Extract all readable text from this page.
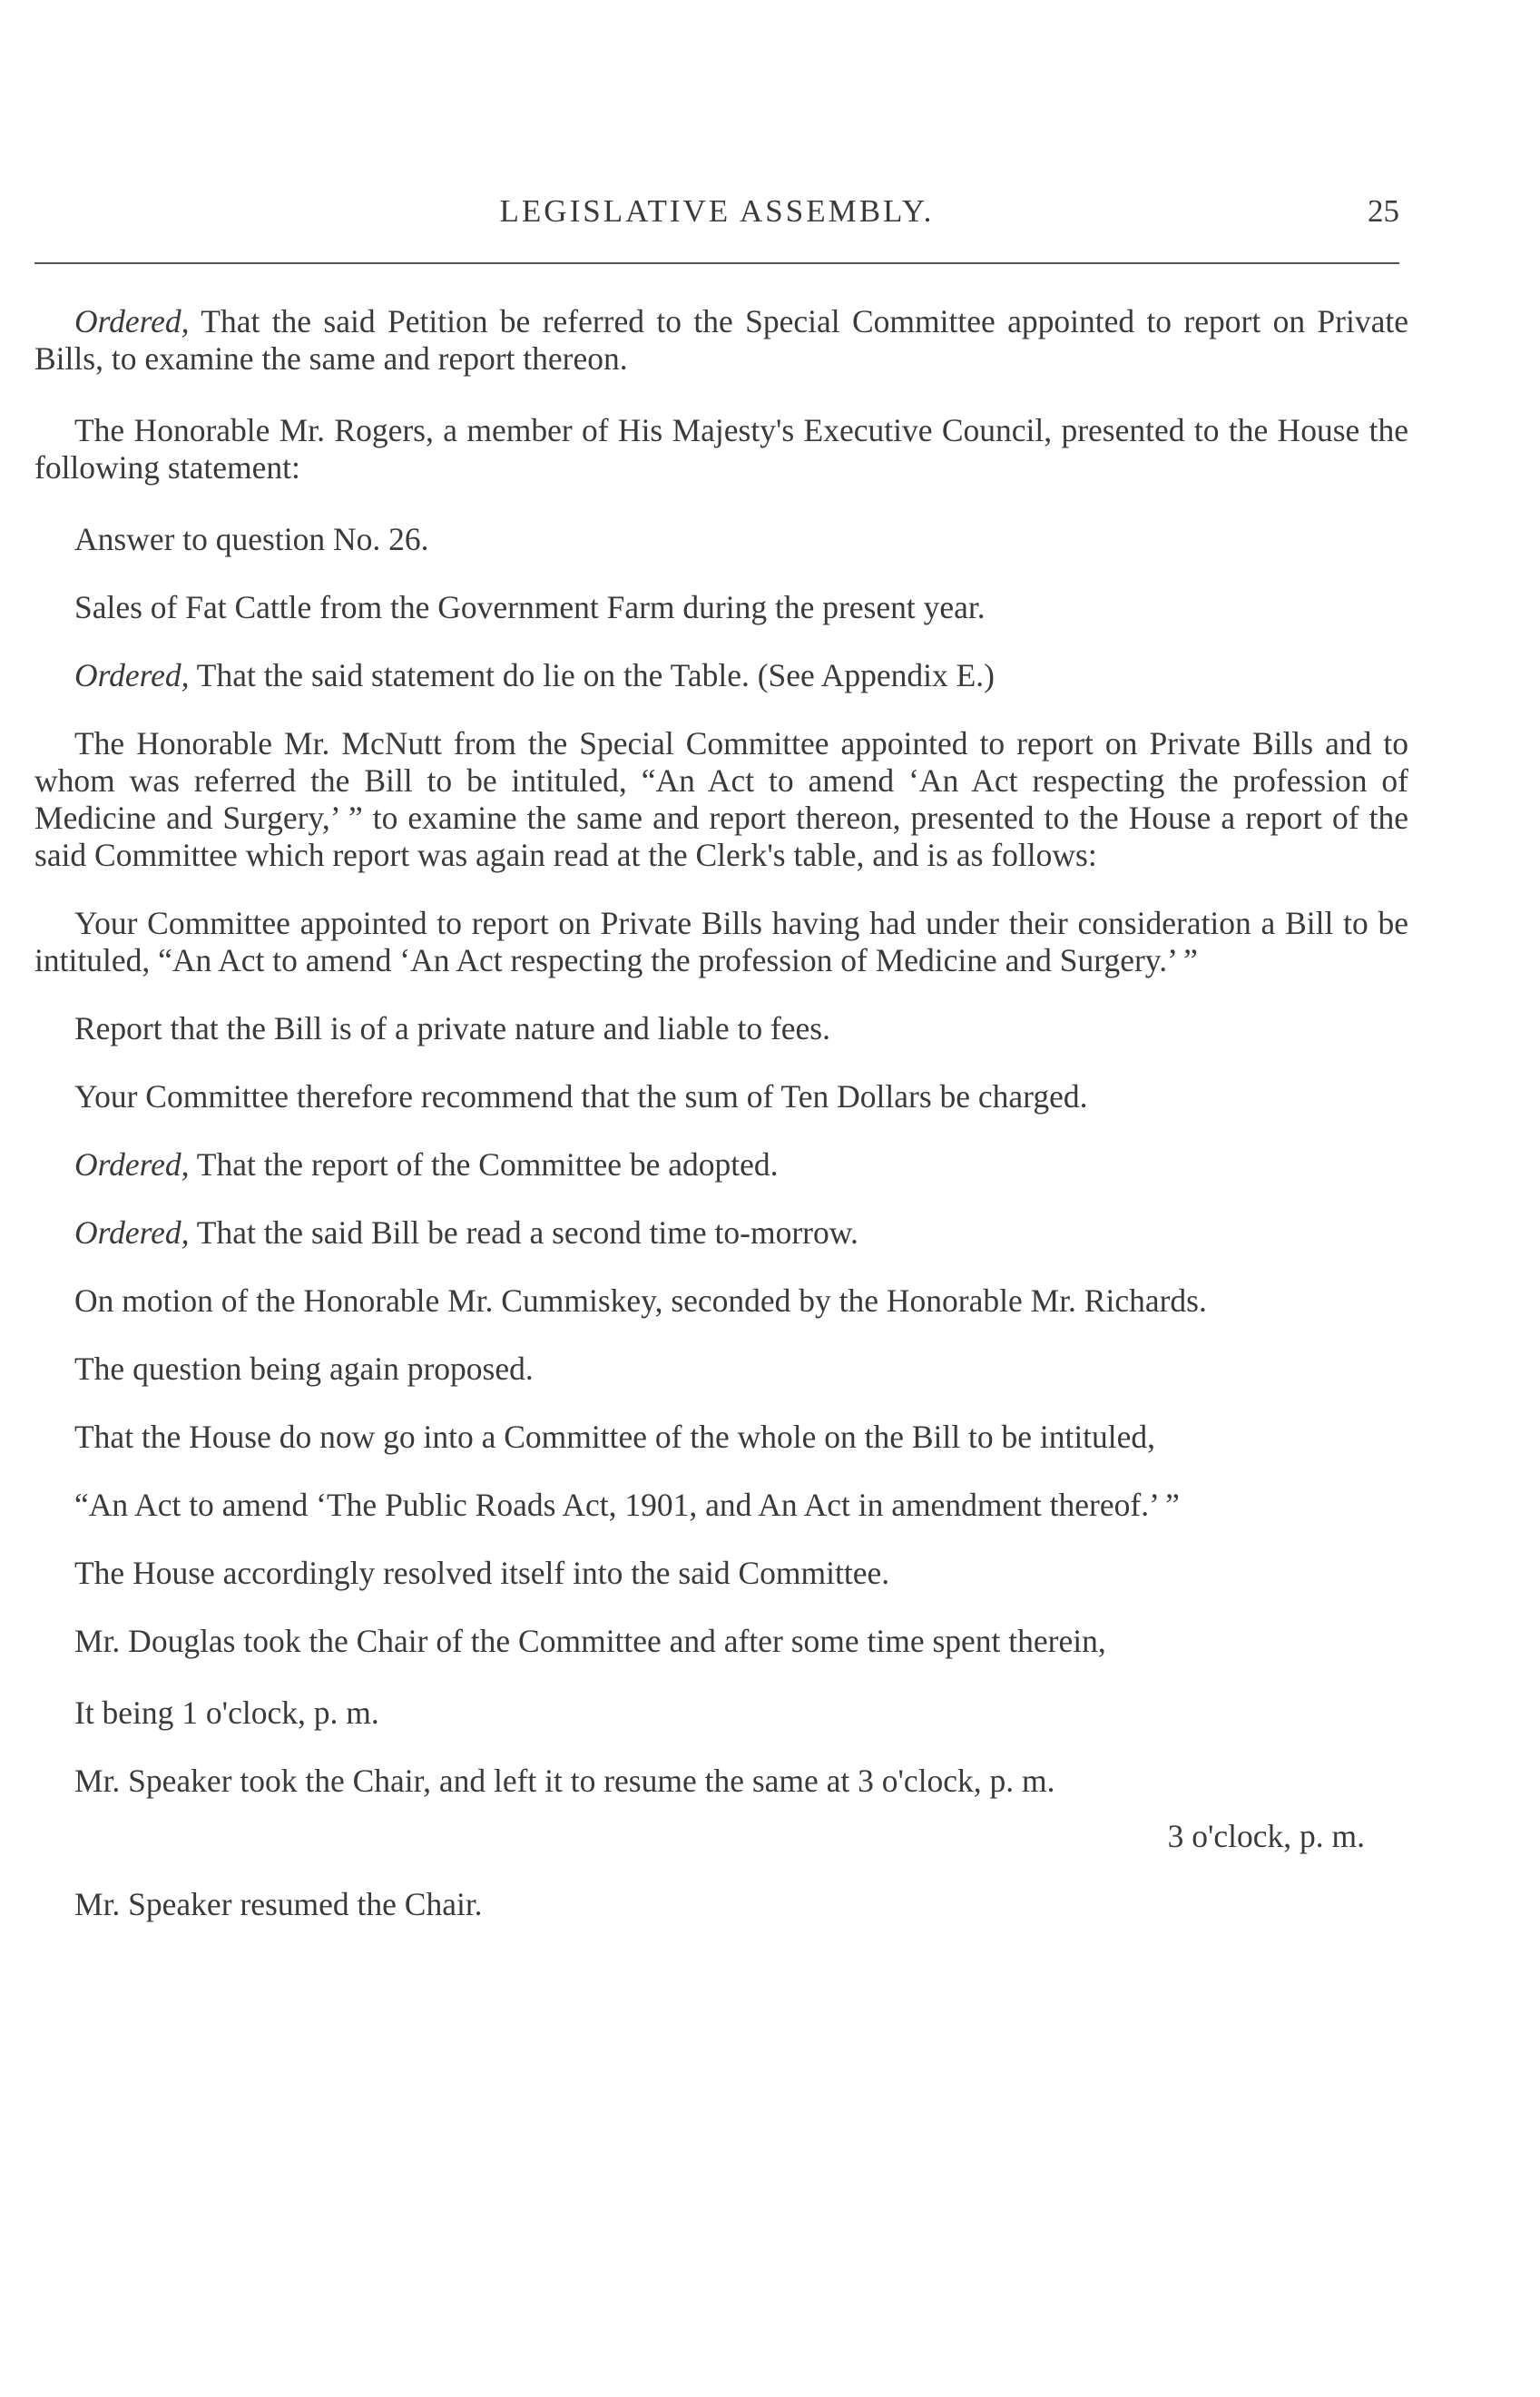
LEGISLATIVE ASSEMBLY.	25

Ordered, That the said Petition be referred to the Special Committee appointed to report on Private Bills, to examine the same and report thereon.

The Honorable Mr. Rogers, a member of His Majesty's Executive Council, presented to the House the following statement:

Answer to question No. 26.

Sales of Fat Cattle from the Government Farm during the present year.

Ordered, That the said statement do lie on the Table. (See Appendix E.)

The Honorable Mr. McNutt from the Special Committee appointed to report on Private Bills and to whom was referred the Bill to be intituled, “An Act to amend ‘An Act respecting the profession of Medicine and Surgery,’ ” to examine the same and report thereon, presented to the House a report of the said Committee which report was again read at the Clerk's table, and is as follows:

Your Committee appointed to report on Private Bills having had under their consideration a Bill to be intituled, “An Act to amend ‘An Act respecting the profession of Medicine and Surgery.’ ”

Report that the Bill is of a private nature and liable to fees.

Your Committee therefore recommend that the sum of Ten Dollars be charged.

Ordered, That the report of the Committee be adopted.

Ordered, That the said Bill be read a second time to-morrow.

On motion of the Honorable Mr. Cummiskey, seconded by the Honorable Mr. Richards.

The question being again proposed.

That the House do now go into a Committee of the whole on the Bill to be intituled,

“An Act to amend ‘The Public Roads Act, 1901, and An Act in amendment thereof.’ ”

The House accordingly resolved itself into the said Committee.

Mr. Douglas took the Chair of the Committee and after some time spent therein,

It being 1 o'clock, p. m.

Mr. Speaker took the Chair, and left it to resume the same at 3 o'clock, p. m.

3 o'clock, p. m.

Mr. Speaker resumed the Chair.
